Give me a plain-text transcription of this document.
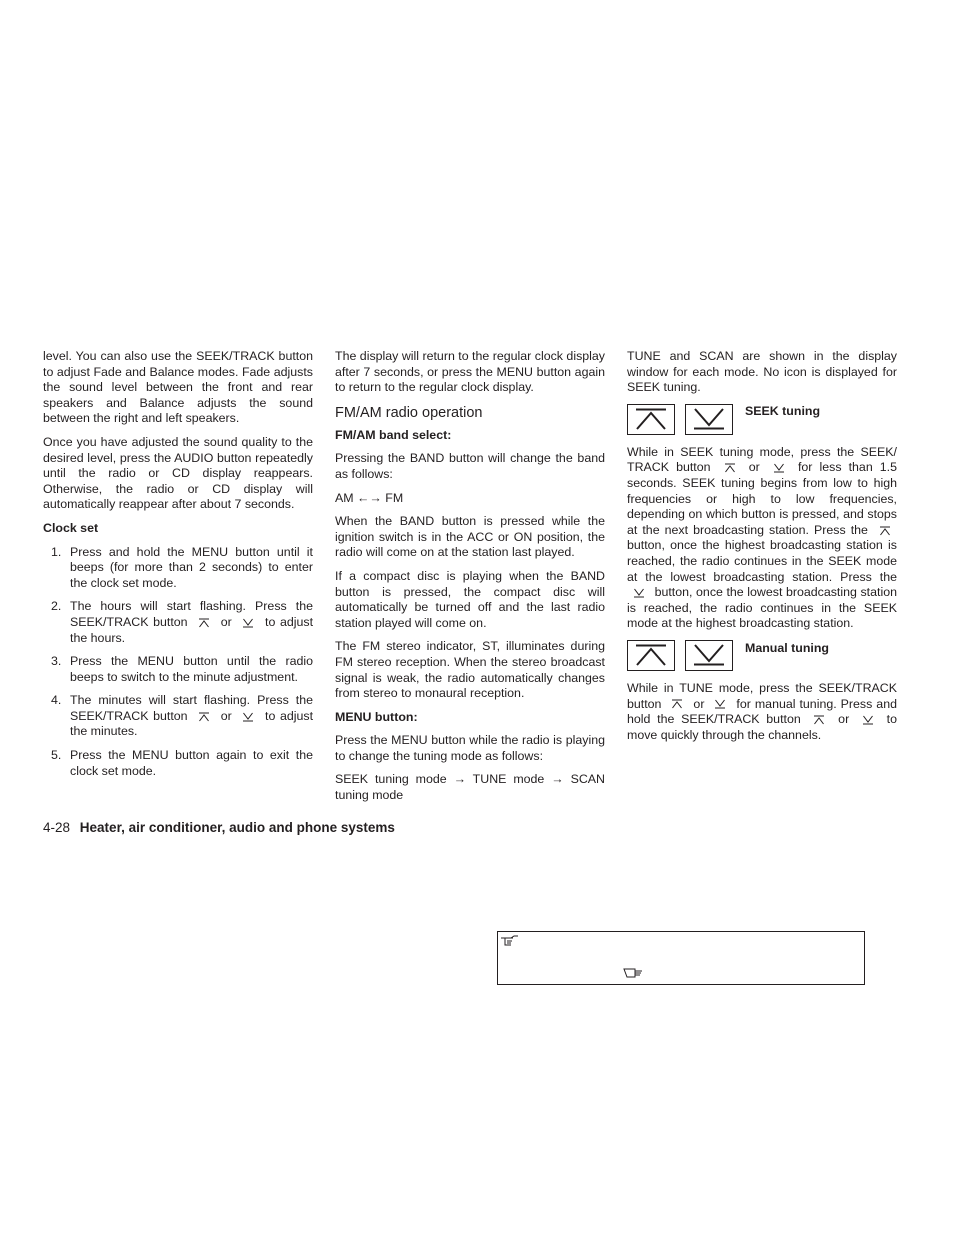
level. You can also use the SEEK/TRACK button to adjust Fade and Balance modes. Fade adjusts the sound level between the front and rear speakers and Balance adjusts the sound between the right and left speakers.

Once you have adjusted the sound quality to the desired level, press the AUDIO button repeatedly until the radio or CD display reappears. Otherwise, the radio or CD display will automatically reappear after about 7 seconds.

Clock set
1. Press and hold the MENU button until it beeps (for more than 2 seconds) to enter the clock set mode.
2. The hours will start flashing. Press the SEEK/TRACK button	or	to adjust the hours.
3. Press the MENU button until the radio beeps to switch to the minute adjustment.
4. The minutes will start flashing. Press the SEEK/TRACK button	or	to adjust the minutes.
5. Press the MENU button again to exit the clock set mode.

The display will return to the regular clock display after 7 seconds, or press the MENU button again to return to the regular clock display.

FM/AM radio operation
FM/AM band select:

Pressing the BAND button will change the band as follows:

AM ←→ FM

When the BAND button is pressed while the ignition switch is in the ACC or ON position, the radio will come on at the station last played.

If a compact disc is playing when the BAND button is pressed, the compact disc will automatically be turned off and the last radio station played will come on.

The FM stereo indicator, ST, illuminates during FM stereo reception. When the stereo broadcast signal is weak, the radio automatically changes from stereo to monaural reception.

MENU button:

Press the MENU button while the radio is playing to change the tuning mode as follows:

SEEK tuning mode → TUNE mode → SCAN tuning mode

TUNE and SCAN are shown in the display window for each mode. No icon is displayed for SEEK tuning.

SEEK tuning

While in SEEK tuning mode, press the SEEK/ TRACK button	or	for less than 1.5 seconds. SEEK tuning begins from low to high frequencies or high to low frequencies, depending on which button is pressed, and stops at the next broadcasting station. Press the  button, once the highest broadcasting station is reached, the radio continues in the SEEK mode at the lowest broadcasting station. Press the  button, once the lowest broadcasting station is reached, the radio continues in the SEEK mode at the highest broadcasting station.

Manual tuning

While in TUNE mode, press the SEEK/TRACK button	or	for manual tuning. Press and hold the SEEK/TRACK button	or	to move quickly through the channels.

4-28 Heater, air conditioner, audio and phone systems
